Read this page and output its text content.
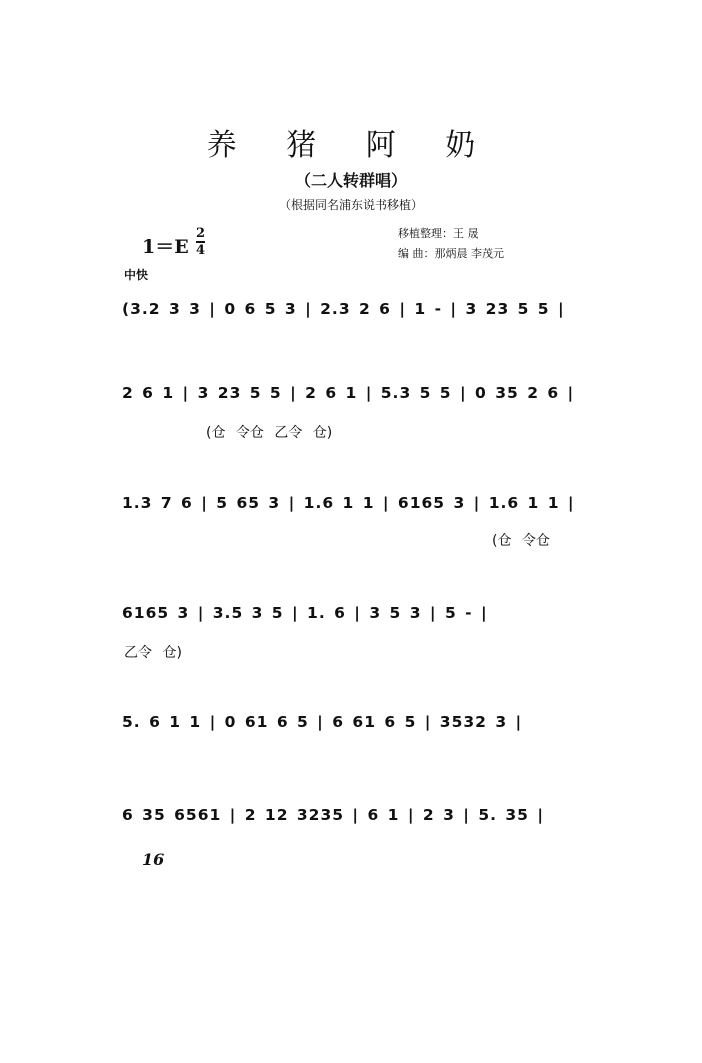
养 猪 阿 奶
（二人转群唱）
（根据同名浦东说书移植）
1＝E
2
4
移植整理：王 晟
编 曲：那炳晨 李茂元
中快
(3.2 3 3 | 0 6 5 3 | 2.3 2 6 | 1 - | 3 23 5 5 |
2 6 1 | 3 23 5 5 | 2 6 1 | 5.3 5 5 | 0 35 2 6 |
(仓 令仓 乙令 仓)
1.3 7 6 | 5 65 3 | 1.6 1 1 | 6165 3 | 1.6 1 1 |
(仓 令仓
6165 3 | 3.5 3 5 | 1. 6 | 3 5 3 | 5 - |
乙令 仓)
5. 6 1 1 | 0 61 6 5 | 6 61 6 5 | 3532 3 |
6 35 6561 | 2 12 3235 | 6 1 | 2 3 | 5. 35 |
16
